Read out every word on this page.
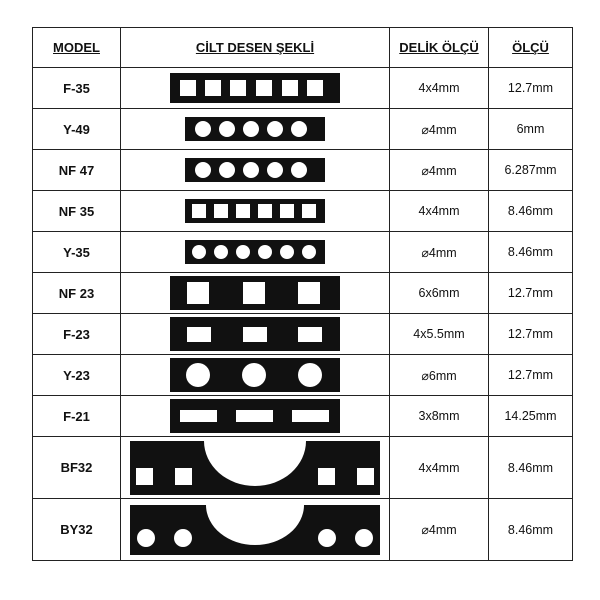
MODEL	CİLT DESEN ŞEKLİ	DELİK ÖLÇÜ	ÖLÇÜ
F-35		4x4mm	12.7mm
Y-49		⌀4mm	6mm
NF 47		⌀4mm	6.287mm
NF 35		4x4mm	8.46mm
Y-35		⌀4mm	8.46mm
NF 23		6x6mm	12.7mm
F-23		4x5.5mm	12.7mm
Y-23		⌀6mm	12.7mm
F-21		3x8mm	14.25mm
BF32		4x4mm	8.46mm
BY32		⌀4mm	8.46mm
